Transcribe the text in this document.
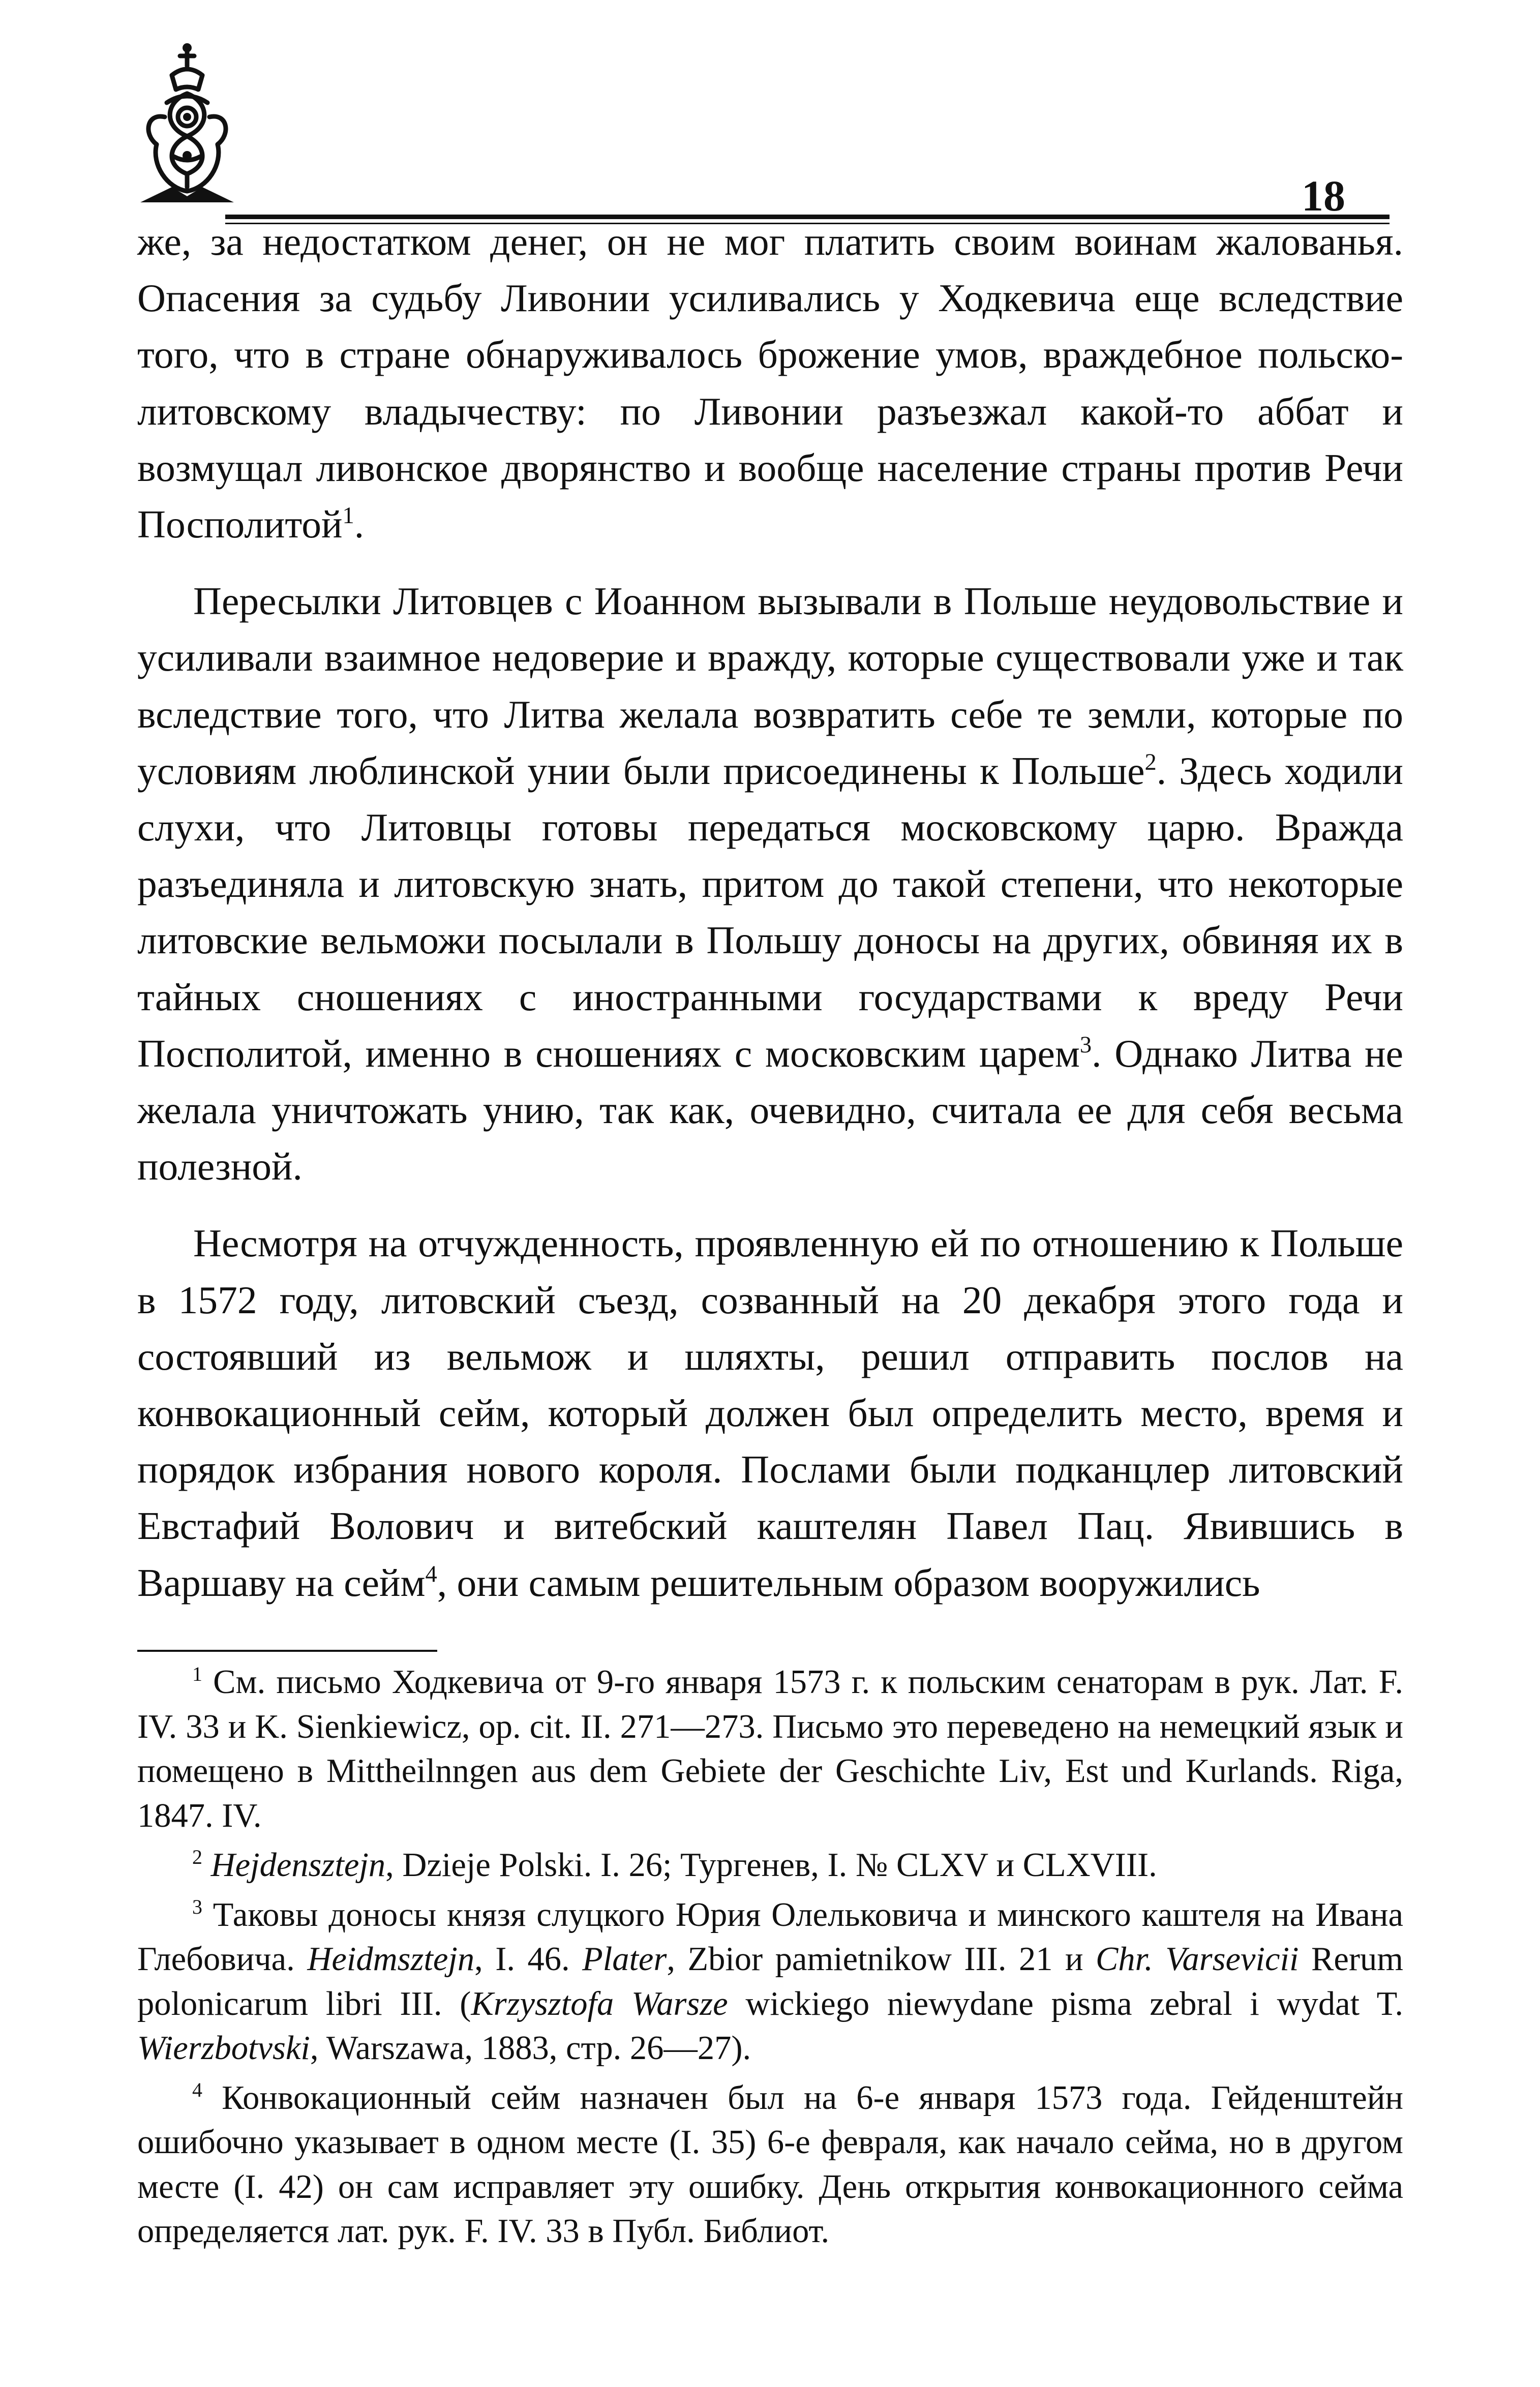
18

же, за недостатком денег, он не мог платить своим воинам жалованья. Опасения за судьбу Ливонии усиливались у Ходкевича еще вследствие того, что в стране обнаруживалось брожение умов, враждебное польско-литовскому владычеству: по Ливонии разъезжал какой-то аббат и возмущал ливонское дворянство и вообще население страны против Речи Посполитой$^1$.

Пересылки Литовцев с Иоанном вызывали в Польше неудовольствие и усиливали взаимное недоверие и вражду, которые существовали уже и так вследствие того, что Литва желала возвратить себе те земли, которые по условиям люблинской унии были присоединены к Польше$^2$. Здесь ходили слухи, что Литовцы готовы передаться московскому царю. Вражда разъединяла и литовскую знать, притом до такой степени, что некоторые литовские вельможи посылали в Польшу доносы на других, обвиняя их в тайных сношениях с иностранными государствами к вреду Речи Посполитой, именно в сношениях с московским царем$^3$. Однако Литва не желала уничтожать унию, так как, очевидно, считала ее для себя весьма полезной.

Несмотря на отчужденность, проявленную ей по отношению к Польше в 1572 году, литовский съезд, созванный на 20 декабря этого года и состоявший из вельмож и шляхты, решил отправить послов на конвокационный сейм, который должен был определить место, время и порядок избрания нового короля. Послами были подканцлер литовский Евстафий Волович и витебский каштелян Павел Пац. Явившись в Варшаву на сейм$^4$, они самым решительным образом вооружились

$^1$ См. письмо Ходкевича от 9-го января 1573 г. к польским сенаторам в рук. Лат. F. IV. 33 и K. Sienkiewicz, op. cit. II. 271—273. Письмо это переведено на немецкий язык и помещено в Mittheilnngen aus dem Gebiete der Geschichte Liv, Est und Kurlands. Riga, 1847. IV.

$^2$ Hejdensztejn, Dzieje Polski. I. 26; Тургенев, I. № CLXV и CLXVIII.

$^3$ Таковы доносы князя слуцкого Юрия Олельковича и минского каштеля на Ивана Глебовича. Heidmsztejn, I. 46. Plater, Zbior pamietnikow III. 21 и Chr. Varsevicii Rerum polonicarum libri III. (Krzysztofa Warsze wickiego niewydane pisma zebral i wydat T. Wierzbotvski, Warszawa, 1883, стр. 26—27).

$^4$ Конвокационный сейм назначен был на 6-е января 1573 года. Гейденштейн ошибочно указывает в одном месте (I. 35) 6-е февраля, как начало сейма, но в другом месте (I. 42) он сам исправляет эту ошибку. День открытия конвокационного сейма определяется лат. рук. F. IV. 33 в Публ. Библиот.
